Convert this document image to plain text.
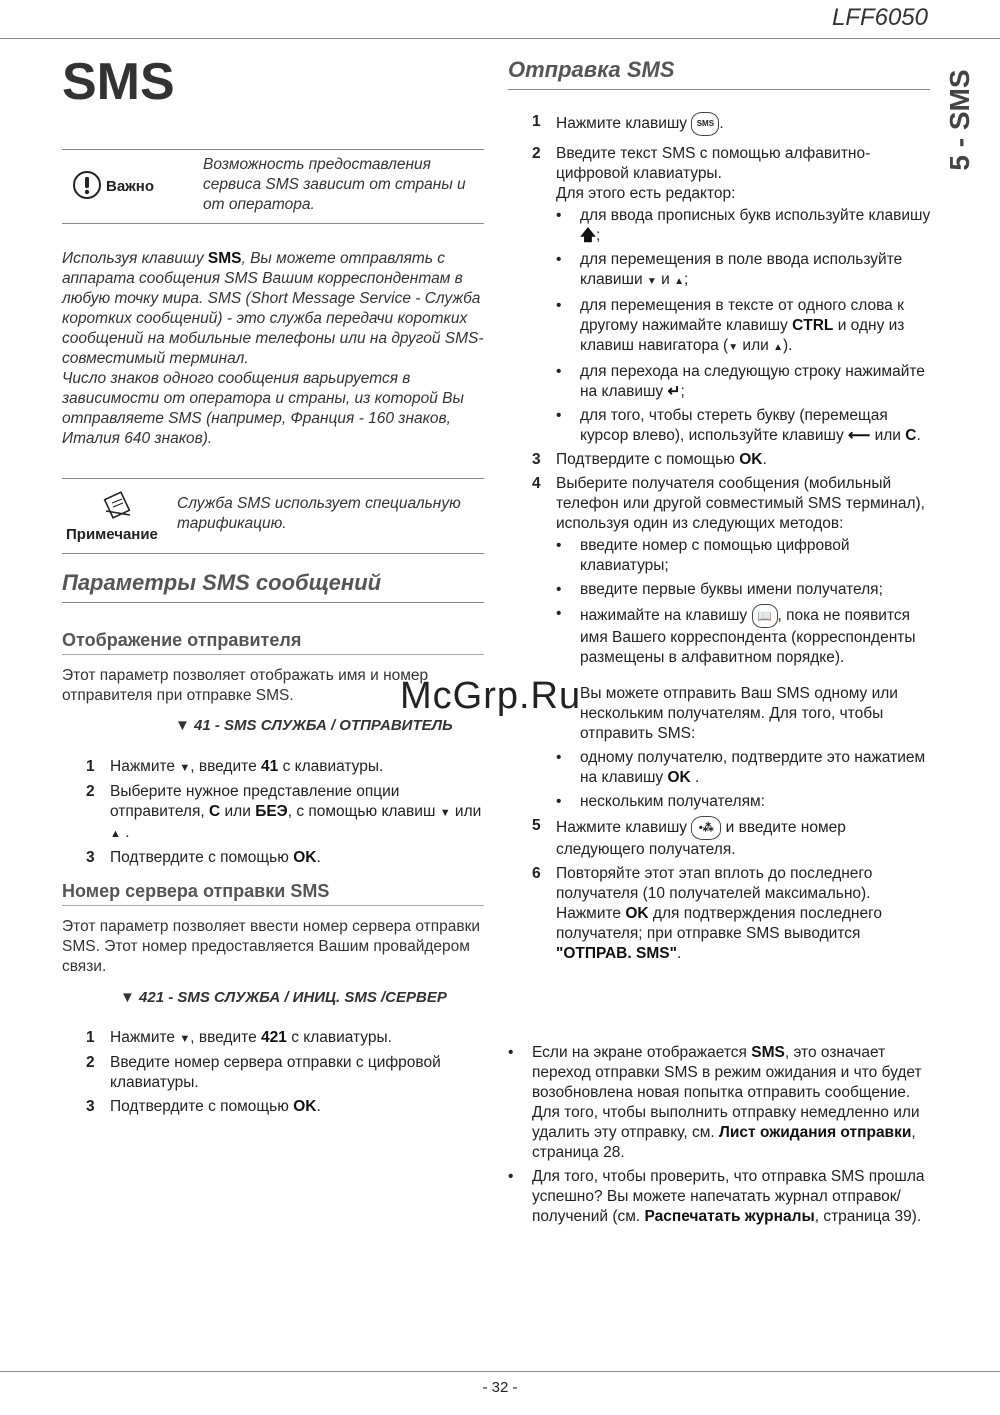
LFF6050
5 - SMS
SMS
Важно
Возможность предоставления сервиса SMS зависит от страны и от оператора.
Используя клавишу SMS, Вы можете отправлять с аппарата сообщения SMS Вашим корреспондентам в любую точку мира. SMS (Short Message Service - Служба коротких сообщений) - это служба передачи коротких сообщений на мобильные телефоны или на другой SMS-совместимый терминал.
Число знаков одного сообщения варьируется в зависимости от оператора и страны, из которой Вы отправляете SMS (например, Франция - 160 знаков, Италия 640 знаков).
Примечание
Служба SMS использует специальную тарификацию.
Параметры SMS сообщений
Отображение отправителя
Этот параметр позволяет отображать имя и номер отправителя при отправке SMS.
▼ 41 - SMS СЛУЖБА / ОТПРАВИТЕЛЬ
1 Нажмите ▼, введите 41 с клавиатуры.
2 Выберите нужное представление опции отправителя, С или БЕЭ, с помощью клавиш ▼ или ▲ .
3 Подтвердите с помощью OK.
Номер сервера отправки SMS
Этот параметр позволяет ввести номер сервера отправки SMS. Этот номер предоставляется Вашим провайдером связи.
▼ 421 - SMS СЛУЖБА / ИНИЦ. SMS /СЕРВЕР
1 Нажмите ▼, введите 421 с клавиатуры.
2 Введите номер сервера отправки с цифровой клавиатуры.
3 Подтвердите с помощью OK.
Отправка SMS
1 Нажмите клавишу SMS .
2 Введите текст SMS с помощью алфавитно-цифровой клавиатуры.
Для этого есть редактор:
• для ввода прописных букв используйте клавишу 🡅;
• для перемещения в поле ввода используйте клавиши ▼ и ▲;
• для перемещения в тексте от одного слова к другому нажимайте клавишу CTRL и одну из клавиш навигатора (▼ или ▲).
• для перехода на следующую строку нажимайте на клавишу ↵;
• для того, чтобы стереть букву (перемещая курсор влево), используйте клавишу ⟵ или C.
3 Подтвердите с помощью OK.
4 Выберите получателя сообщения (мобильный телефон или другой совместимый SMS терминал), используя один из следующих методов:
• введите номер с помощью цифровой клавиатуры;
• введите первые буквы имени получателя;
• нажимайте на клавишу 📖 , пока не появится имя Вашего корреспондента (корреспонденты размещены в алфавитном порядке).
Вы можете отправить Ваш SMS одному или нескольким получателям. Для того, чтобы отправить SMS:
• одному получателю, подтвердите это нажатием на клавишу OK .
• нескольким получателям:
5 Нажмите клавишу •⁂ и введите номер следующего получателя.
6 Повторяйте этот этап вплоть до последнего получателя (10 получателей максимально). Нажмите OK для подтверждения последнего получателя; при отправке SMS выводится "ОТПРАВ. SMS".
• Если на экране отображается SMS, это означает переход отправки SMS в режим ожидания и что будет возобновлена новая попытка отправить сообщение. Для того, чтобы выполнить отправку немедленно или удалить эту отправку, см. Лист ожидания отправки, страница 28.
• Для того, чтобы проверить, что отправка SMS прошла успешно? Вы можете напечатать журнал отправок/получений (см. Распечатать журналы, страница 39).
McGrp.Ru
- 32 -
